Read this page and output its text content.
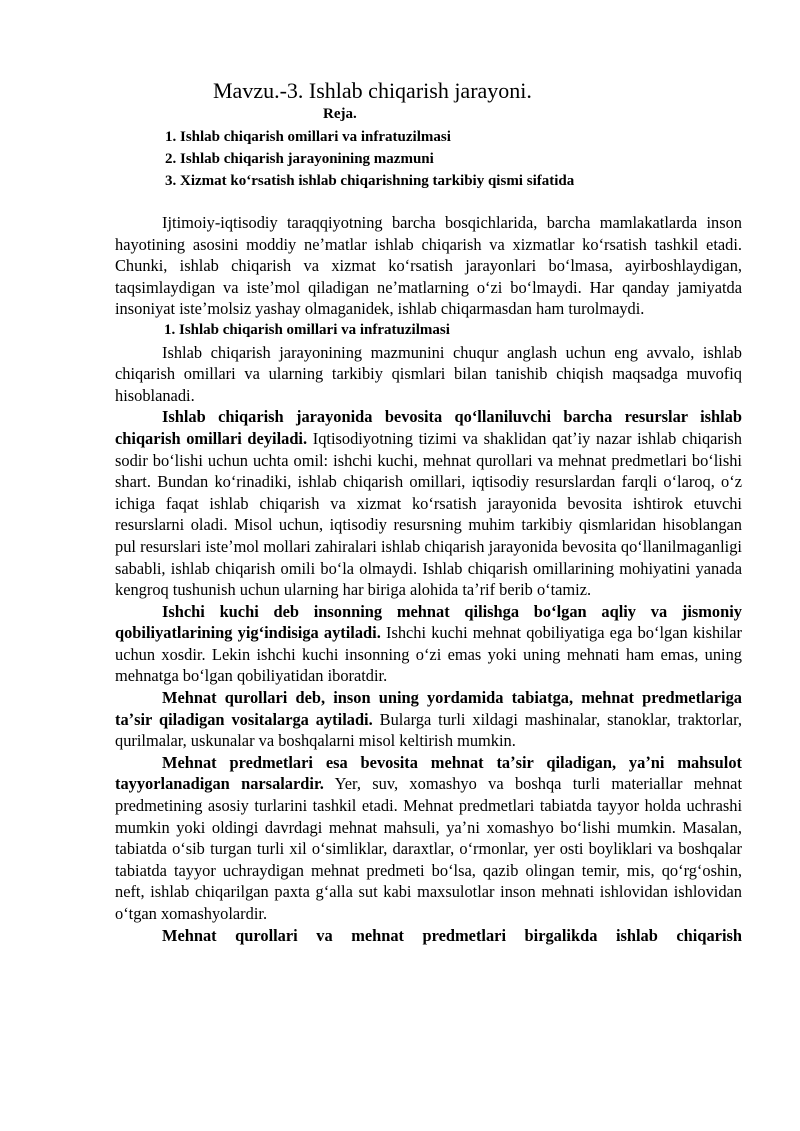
Mavzu.-3. Ishlab chiqarish jarayoni.
Reja.
1. Ishlab chiqarish omillari va infratuzilmasi
2. Ishlab chiqarish jarayonining mazmuni
3. Xizmat koʻrsatish ishlab chiqarishning tarkibiy qismi sifatida

Ijtimoiy-iqtisodiy taraqqiyotning barcha bosqichlarida, barcha mamlakatlarda inson hayotining asosini moddiy neʼmatlar ishlab chiqarish va xizmatlar koʻrsatish tashkil etadi. Chunki, ishlab chiqarish va xizmat koʻrsatish jarayonlari boʻlmasa, ayirboshlaydigan, taqsimlaydigan va isteʼmol qiladigan neʼmatlarning oʻzi boʻlmaydi. Har qanday jamiyatda insoniyat isteʼmolsiz yashay olmaganidek, ishlab chiqarmasdan ham turolmaydi.

1. Ishlab chiqarish omillari va infratuzilmasi

Ishlab chiqarish jarayonining mazmunini chuqur anglash uchun eng avvalo, ishlab chiqarish omillari va ularning tarkibiy qismlari bilan tanishib chiqish maqsadga muvofiq hisoblanadi.

Ishlab chiqarish jarayonida bevosita qoʻllaniluvchi barcha resurslar ishlab chiqarish omillari deyiladi. Iqtisodiyotning tizimi va shaklidan qatʼiy nazar ishlab chiqarish sodir boʻlishi uchun uchta omil: ishchi kuchi, mehnat qurollari va mehnat predmetlari boʻlishi shart. Bundan koʻrinadiki, ishlab chiqarish omillari, iqtisodiy resurslardan farqli oʻlaroq, oʻz ichiga faqat ishlab chiqarish va xizmat koʻrsatish jarayonida bevosita ishtirok etuvchi resurslarni oladi. Misol uchun, iqtisodiy resursning muhim tarkibiy qismlaridan hisoblangan pul resurslari isteʼmol mollari zahiralari ishlab chiqarish jarayonida bevosita qoʻllanilmaganligi sababli, ishlab chiqarish omili boʻla olmaydi. Ishlab chiqarish omillarining mohiyatini yanada kengroq tushunish uchun ularning har biriga alohida taʼrif berib oʻtamiz.

Ishchi kuchi deb insonning mehnat qilishga boʻlgan aqliy va jismoniy qobiliyatlarining yigʻindisiga aytiladi. Ishchi kuchi mehnat qobiliyatiga ega boʻlgan kishilar uchun xosdir. Lekin ishchi kuchi insonning oʻzi emas yoki uning mehnati ham emas, uning mehnatga boʻlgan qobiliyatidan iboratdir.

Mehnat qurollari deb, inson uning yordamida tabiatga, mehnat predmetlariga taʼsir qiladigan vositalarga aytiladi. Bularga turli xildagi mashinalar, stanoklar, traktorlar, qurilmalar, uskunalar va boshqalarni misol keltirish mumkin.

Mehnat predmetlari esa bevosita mehnat taʼsir qiladigan, yaʼni mahsulot tayyorlanadigan narsalardir. Yer, suv, xomashyo va boshqa turli materiallar mehnat predmetining asosiy turlarini tashkil etadi. Mehnat predmetlari tabiatda tayyor holda uchrashi mumkin yoki oldingi davrdagi mehnat mahsuli, yaʼni xomashyo boʻlishi mumkin. Masalan, tabiatda oʻsib turgan turli xil oʻsimliklar, daraxtlar, oʻrmonlar, yer osti boyliklari va boshqalar tabiatda tayyor uchraydigan mehnat predmeti boʻlsa, qazib olingan temir, mis, qoʻrgʻoshin, neft, ishlab chiqarilgan paxta gʻalla sut kabi maxsulotlar inson mehnati ishlovidan ishlovidan oʻtgan xomashyolardir.

Mehnat qurollari va mehnat predmetlari birgalikda ishlab chiqarish
